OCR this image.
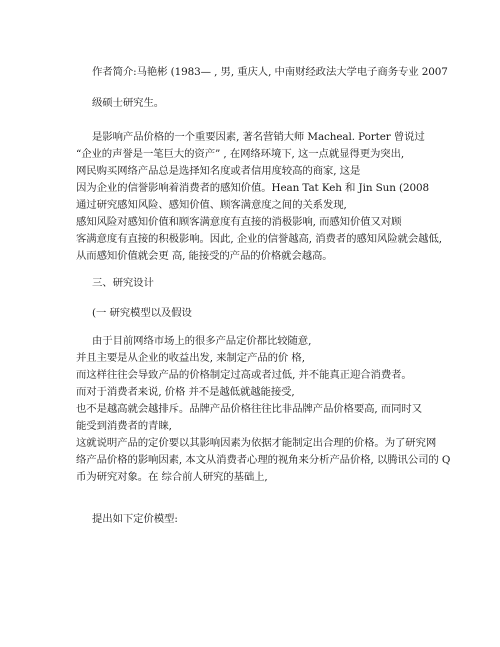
作者简介:马艳彬 (1983— , 男, 重庆人, 中南财经政法大学电子商务专业 2007
级硕士研究生。
是影响产品价格的一个重要因素, 著名营销大师 Macheal. Porter 曾说过
“企业的声誉是一笔巨大的资产” , 在网络环境下, 这一点就显得更为突出,
网民购买网络产品总是选择知名度或者信用度较高的商家, 这是
因为企业的信誉影响着消费者的感知价值。Hean Tat Keh 和 Jin Sun (2008
通过研究感知风险、感知价值、顾客满意度之间的关系发现,
感知风险对感知价值和顾客满意度有直接的消极影响, 而感知价值又对顾
客满意度有直接的积极影响。因此, 企业的信誉越高, 消费者的感知风险就会越低,
从而感知价值就会更 高, 能接受的产品的价格就会越高。
三、研究设计
(一 研究模型以及假设
由于目前网络市场上的很多产品定价都比较随意,
并且主要是从企业的收益出发, 来制定产品的价 格,
而这样往往会导致产品的价格制定过高或者过低, 并不能真正迎合消费者。
而对于消费者来说, 价格 并不是越低就越能接受,
也不是越高就会越排斥。品牌产品价格往往比非品牌产品价格要高, 而同时又
能受到消费者的青睐,
这就说明产品的定价要以其影响因素为依据才能制定出合理的价格。为了研究网
络产品价格的影响因素, 本文从消费者心理的视角来分析产品价格, 以腾讯公司的 Q
币为研究对象。在 综合前人研究的基础上,
提出如下定价模型:
